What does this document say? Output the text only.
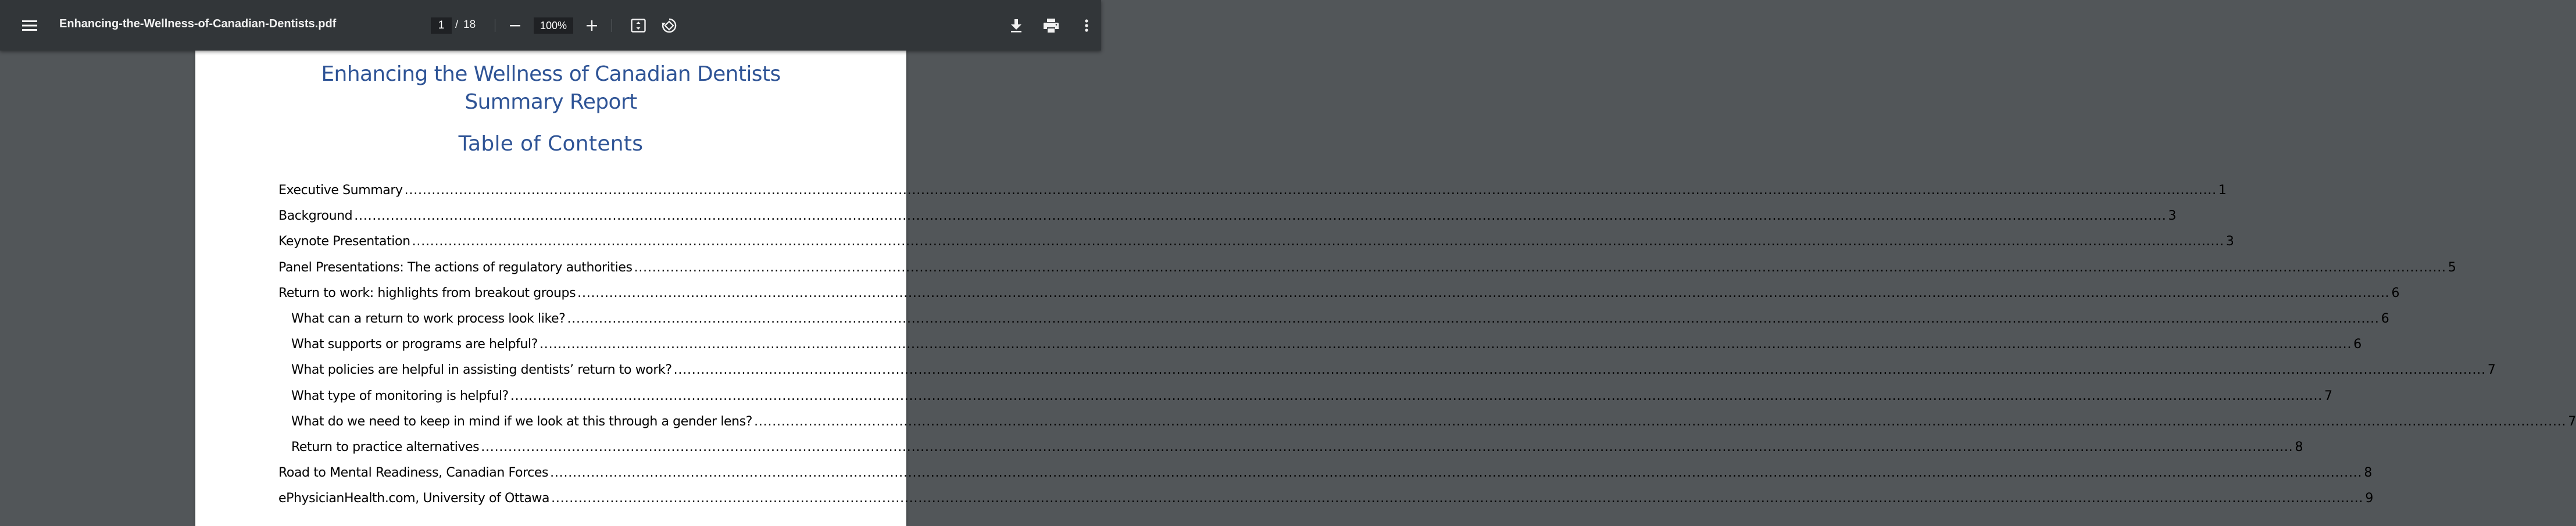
Enhancing-the-Wellness-of-Canadian-Dentists.pdf
1	/ 18
100%
Enhancing the Wellness of Canadian Dentists
Summary Report
Table of Contents
Executive Summary ................................................................................................................................................................................................................................................................................................................................................................................................................ 1
Background ................................................................................................................................................................................................................................................................................................................................................................................................................ 3
Keynote Presentation ................................................................................................................................................................................................................................................................................................................................................................................................................ 3
Panel Presentations: The actions of regulatory authorities ................................................................................................................................................................................................................................................................................................................................................................................................................ 5
Return to work: highlights from breakout groups ................................................................................................................................................................................................................................................................................................................................................................................................................ 6
What can a return to work process look like? ................................................................................................................................................................................................................................................................................................................................................................................................................ 6
What supports or programs are helpful? ................................................................................................................................................................................................................................................................................................................................................................................................................ 6
What policies are helpful in assisting dentists’ return to work? ................................................................................................................................................................................................................................................................................................................................................................................................................ 7
What type of monitoring is helpful? ................................................................................................................................................................................................................................................................................................................................................................................................................ 7
What do we need to keep in mind if we look at this through a gender lens? ................................................................................................................................................................................................................................................................................................................................................................................................................ 7
Return to practice alternatives ................................................................................................................................................................................................................................................................................................................................................................................................................ 8
Road to Mental Readiness, Canadian Forces ................................................................................................................................................................................................................................................................................................................................................................................................................ 8
ePhysicianHealth.com, University of Ottawa ................................................................................................................................................................................................................................................................................................................................................................................................................ 9
